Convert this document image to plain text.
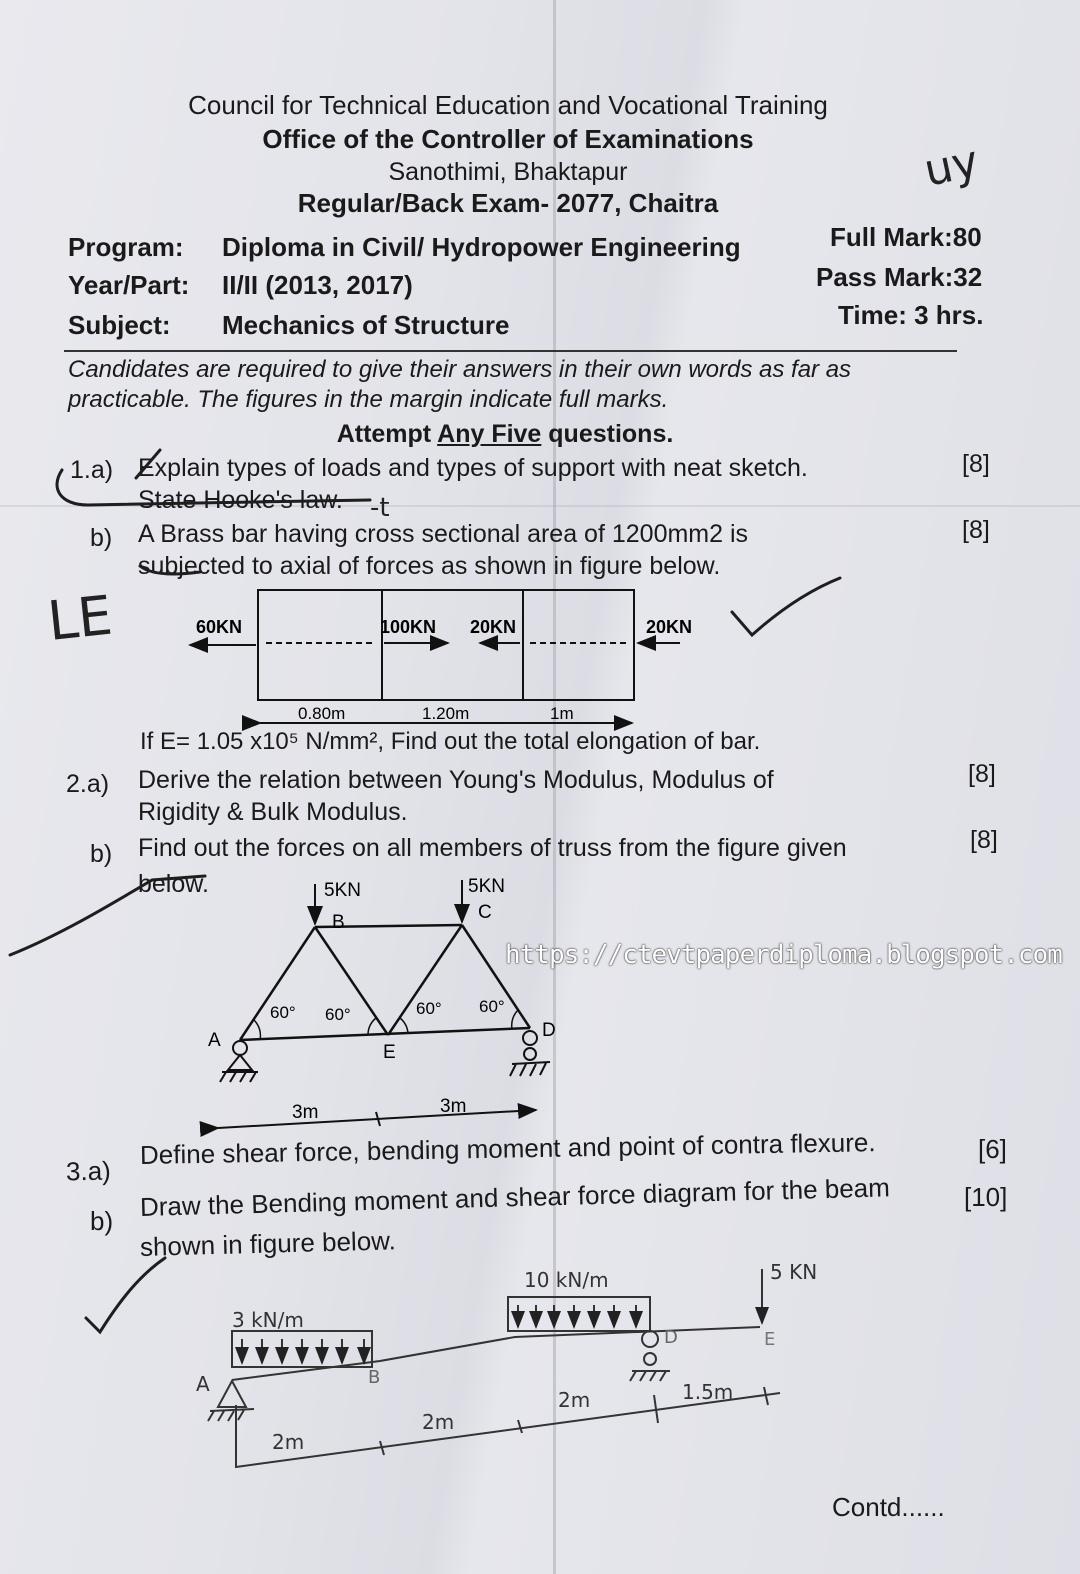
Council for Technical Education and Vocational Training
Office of the Controller of Examinations
Sanothimi, Bhaktapur
Regular/Back Exam- 2077, Chaitra
Program: Diploma in Civil/ Hydropower Engineering
Year/Part: II/II (2013, 2017)
Subject: Mechanics of Structure
Full Mark:80
Pass Mark:32
Time: 3 hrs.
Candidates are required to give their answers in their own words as far as
practicable. The figures in the margin indicate full marks.
Attempt Any Five questions.
1.a) Explain types of loads and types of support with neat sketch.
State Hooke's law.
[8]
b) A Brass bar having cross sectional area of 1200mm2 is
subjected to axial of forces as shown in figure below.
[8]
60KN	100KN 20KN	20KN
0.80m	1.20m	1m
If E= 1.05 x10⁵ N/mm², Find out the total elongation of bar.
2.a) Derive the relation between Young's Modulus, Modulus of
Rigidity & Bulk Modulus.
[8]
b) Find out the forces on all members of truss from the figure given
below.
[8]
5KN	5KN
B	C
A
E
D
60° 60°	60° 60°
3m	3m
https://ctevtpaperdiploma.blogspot.com
3.a)
Define shear force, bending moment and point of contra flexure.	[6]
b) Draw the Bending moment and shear force diagram for the beam
shown in figure below.
[10]
3 kN/m
10 kN/m	5 KN
A	B
D	E
2m
2m
2m	1.5m
Contd......
uy
LE
-t
